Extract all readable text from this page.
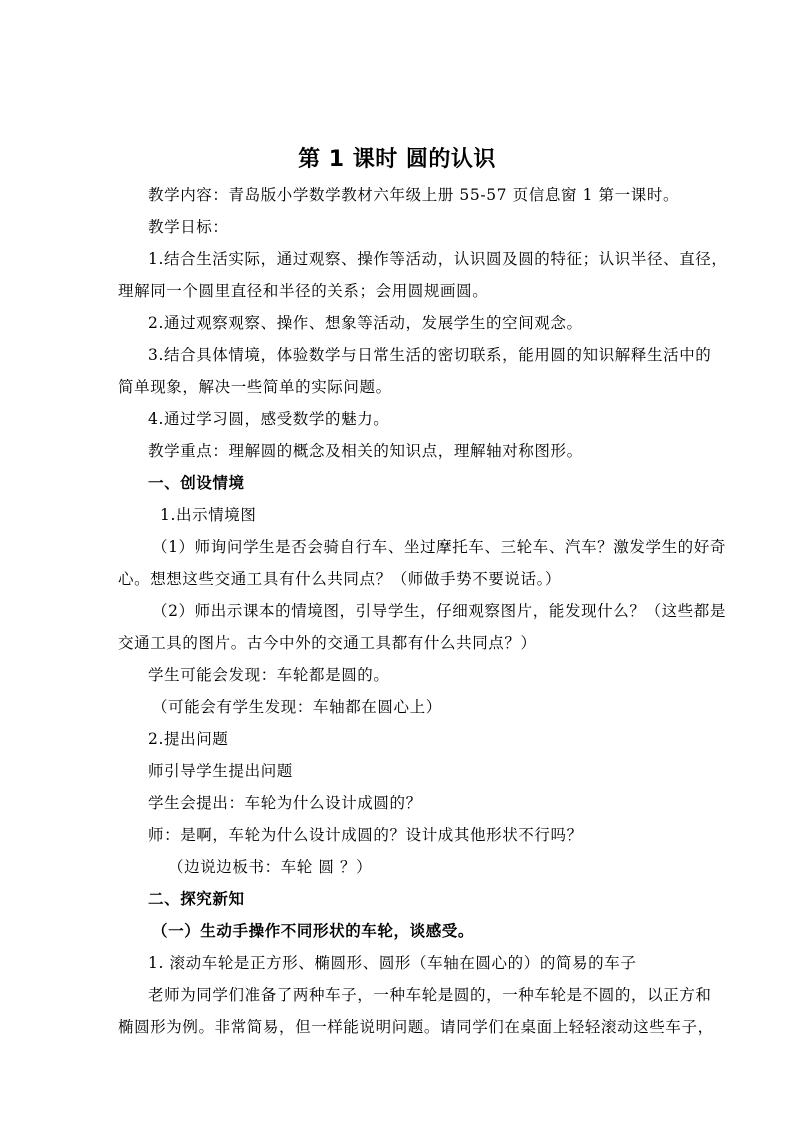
第 1 课时 圆的认识
教学内容：青岛版小学数学教材六年级上册 55-57 页信息窗 1 第一课时。
教学日标：
1.结合生活实际，通过观察、操作等活动，认识圆及圆的特征；认识半径、直径，
理解同一个圆里直径和半径的关系；会用圆规画圆。
2.通过观察观察、操作、想象等活动，发展学生的空间观念。
3.结合具体情境，体验数学与日常生活的密切联系，能用圆的知识解释生活中的
简单现象，解决一些简单的实际问题。
4.通过学习圆，感受数学的魅力。
教学重点：理解圆的概念及相关的知识点，理解轴对称图形。
一、创设情境
1.出示情境图
（1）师询问学生是否会骑自行车、坐过摩托车、三轮车、汽车？激发学生的好奇
心。想想这些交通工具有什么共同点？（师做手势不要说话。）
（2）师出示课本的情境图，引导学生，仔细观察图片，能发现什么？（这些都是
交通工具的图片。古今中外的交通工具都有什么共同点？）
学生可能会发现：车轮都是圆的。
（可能会有学生发现：车轴都在圆心上）
2.提出问题
师引导学生提出问题
学生会提出：车轮为什么设计成圆的？
师：是啊，车轮为什么设计成圆的？设计成其他形状不行吗？
（边说边板书：车轮 圆 ？）
二、探究新知
（一）生动手操作不同形状的车轮，谈感受。
1. 滚动车轮是正方形、椭圆形、圆形（车轴在圆心的）的简易的车子
老师为同学们准备了两种车子，一种车轮是圆的，一种车轮是不圆的，以正方和
椭圆形为例。非常简易，但一样能说明问题。请同学们在桌面上轻轻滚动这些车子，
